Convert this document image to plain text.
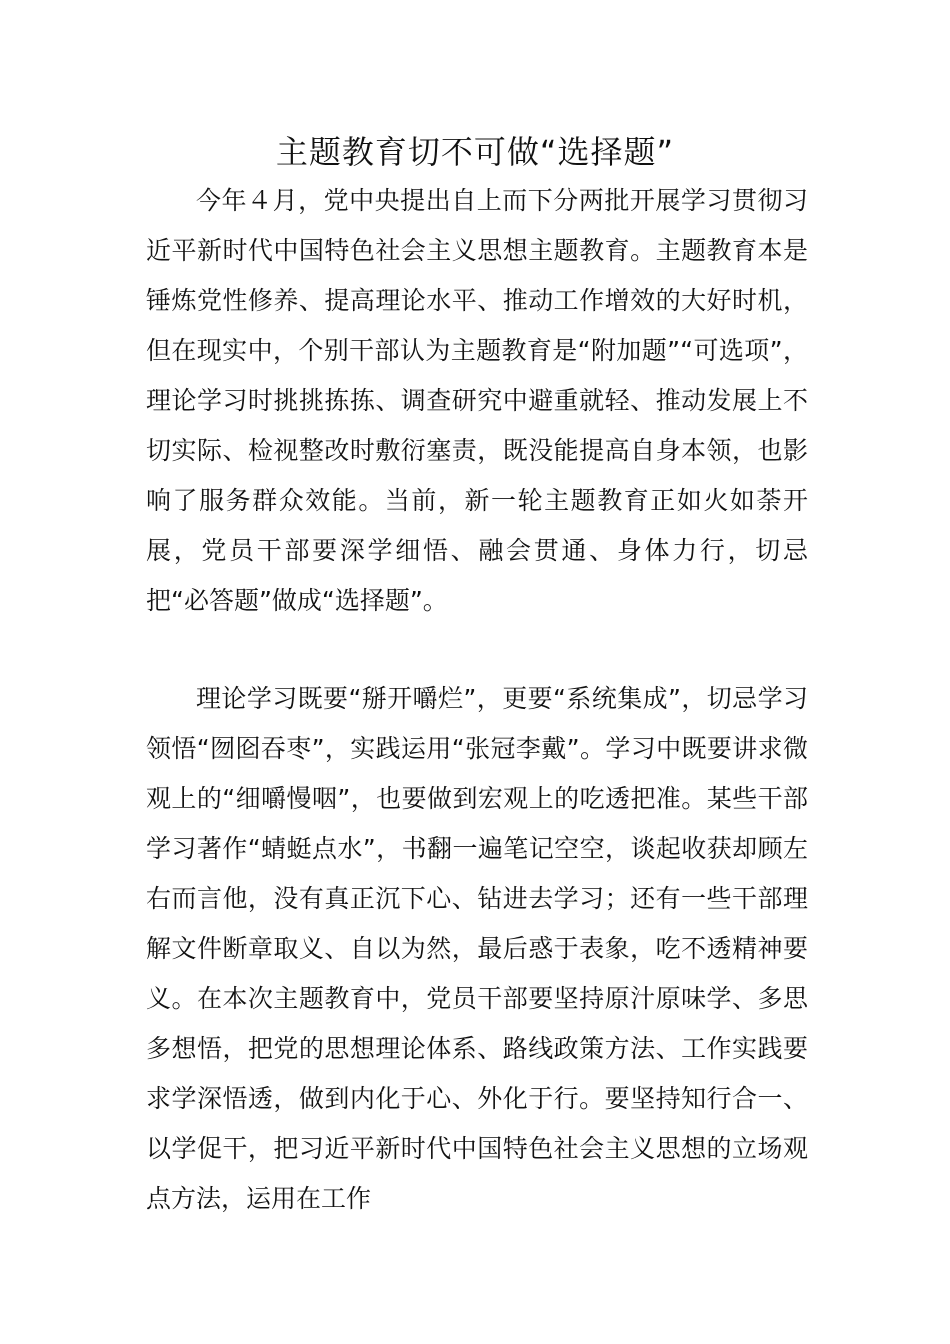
主题教育切不可做“选择题”

今年４月，党中央提出自上而下分两批开展学习贯彻习近平新时代中国特色社会主义思想主题教育。主题教育本是锤炼党性修养、提高理论水平、推动工作增效的大好时机，但在现实中，个别干部认为主题教育是“附加题”“可选项”，理论学习时挑挑拣拣、调查研究中避重就轻、推动发展上不切实际、检视整改时敷衍塞责，既没能提高自身本领，也影响了服务群众效能。当前，新一轮主题教育正如火如荼开展，党员干部要深学细悟、融会贯通、身体力行，切忌把“必答题”做成“选择题”。

理论学习既要“掰开嚼烂”，更要“系统集成”，切忌学习领悟“囫囵吞枣”，实践运用“张冠李戴”。学习中既要讲求微观上的“细嚼慢咽”，也要做到宏观上的吃透把准。某些干部学习著作“蜻蜓点水”，书翻一遍笔记空空，谈起收获却顾左右而言他，没有真正沉下心、钻进去学习；还有一些干部理解文件断章取义、自以为然，最后惑于表象，吃不透精神要义。在本次主题教育中，党员干部要坚持原汁原味学、多思多想悟，把党的思想理论体系、路线政策方法、工作实践要求学深悟透，做到内化于心、外化于行。要坚持知行合一、以学促干，把习近平新时代中国特色社会主义思想的立场观点方法，运用在工作
